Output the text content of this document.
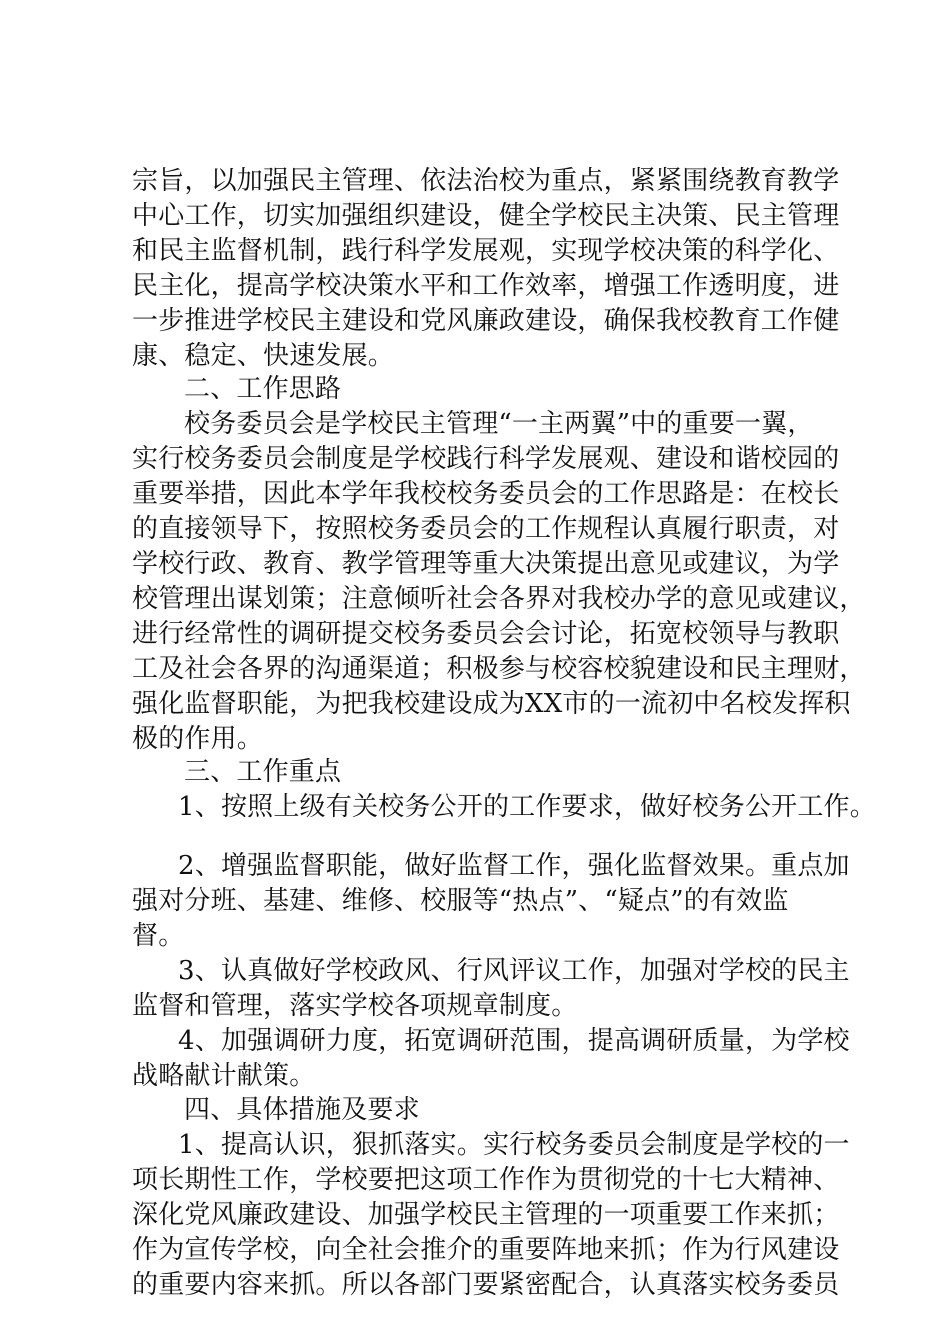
宗旨，以加强民主管理、依法治校为重点，紧紧围绕教育教学
中心工作，切实加强组织建设，健全学校民主决策、民主管理
和民主监督机制，践行科学发展观，实现学校决策的科学化、
民主化，提高学校决策水平和工作效率，增强工作透明度，进
一步推进学校民主建设和党风廉政建设，确保我校教育工作健
康、稳定、快速发展。
二、工作思路
校务委员会是学校民主管理“一主两翼”中的重要一翼，
实行校务委员会制度是学校践行科学发展观、建设和谐校园的
重要举措，因此本学年我校校务委员会的工作思路是：在校长
的直接领导下，按照校务委员会的工作规程认真履行职责，对
学校行政、教育、教学管理等重大决策提出意见或建议，为学
校管理出谋划策；注意倾听社会各界对我校办学的意见或建议，
进行经常性的调研提交校务委员会会讨论，拓宽校领导与教职
工及社会各界的沟通渠道；积极参与校容校貌建设和民主理财，
强化监督职能，为把我校建设成为XX市的一流初中名校发挥积
极的作用。
三、工作重点
1、按照上级有关校务公开的工作要求，做好校务公开工作。
2、增强监督职能，做好监督工作，强化监督效果。重点加
强对分班、基建、维修、校服等“热点”、“疑点”的有效监
督。
3、认真做好学校政风、行风评议工作，加强对学校的民主
监督和管理，落实学校各项规章制度。
4、加强调研力度，拓宽调研范围，提高调研质量，为学校
战略献计献策。
四、具体措施及要求
1、提高认识，狠抓落实。实行校务委员会制度是学校的一
项长期性工作，学校要把这项工作作为贯彻党的十七大精神、
深化党风廉政建设、加强学校民主管理的一项重要工作来抓；
作为宣传学校，向全社会推介的重要阵地来抓；作为行风建设
的重要内容来抓。所以各部门要紧密配合，认真落实校务委员
